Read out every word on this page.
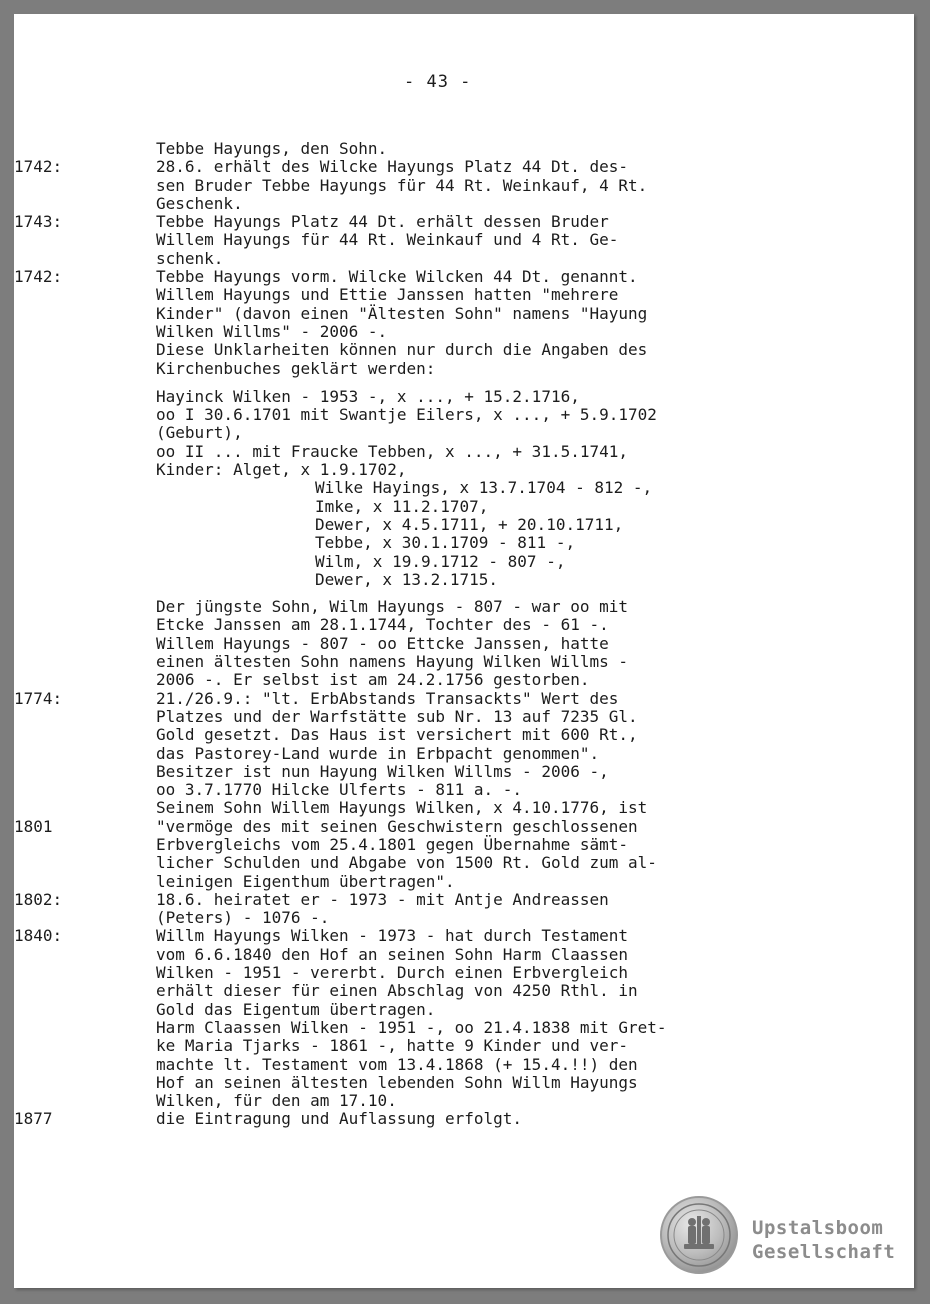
- 43 -
Tebbe Hayungs, den Sohn.
1742:	28.6. erhält des Wilcke Hayungs Platz 44 Dt. des-
sen Bruder Tebbe Hayungs für 44 Rt. Weinkauf, 4 Rt.
Geschenk.
1743:	Tebbe Hayungs Platz 44 Dt. erhält dessen Bruder
Willem Hayungs für 44 Rt. Weinkauf und 4 Rt. Ge-
schenk.
1742:	Tebbe Hayungs vorm. Wilcke Wilcken 44 Dt. genannt.
Willem Hayungs und Ettie Janssen hatten "mehrere
Kinder" (davon einen "Ältesten Sohn" namens "Hayung
Wilken Willms" - 2006 -.
Diese Unklarheiten können nur durch die Angaben des
Kirchenbuches geklärt werden:
Hayinck Wilken - 1953 -, x ..., + 15.2.1716,
oo I 30.6.1701 mit Swantje Eilers, x ..., + 5.9.1702
(Geburt),
oo II ... mit Fraucke Tebben, x ..., + 31.5.1741,
Kinder: Alget, x 1.9.1702,
Wilke Hayings, x 13.7.1704 - 812 -,
Imke, x 11.2.1707,
Dewer, x 4.5.1711, + 20.10.1711,
Tebbe, x 30.1.1709 - 811 -,
Wilm, x 19.9.1712 - 807 -,
Dewer, x 13.2.1715.
Der jüngste Sohn, Wilm Hayungs - 807 - war oo mit
Etcke Janssen am 28.1.1744, Tochter des - 61 -.
Willem Hayungs - 807 - oo Ettcke Janssen, hatte
einen ältesten Sohn namens Hayung Wilken Willms -
2006 -. Er selbst ist am 24.2.1756 gestorben.
1774:	21./26.9.: "lt. ErbAbstands Transackts" Wert des
Platzes und der Warfstätte sub Nr. 13 auf 7235 Gl.
Gold gesetzt. Das Haus ist versichert mit 600 Rt.,
das Pastorey-Land wurde in Erbpacht genommen".
Besitzer ist nun Hayung Wilken Willms - 2006 -,
oo 3.7.1770 Hilcke Ulferts - 811 a. -.
Seinem Sohn Willem Hayungs Wilken, x 4.10.1776, ist
1801	"vermöge des mit seinen Geschwistern geschlossenen
Erbvergleichs vom 25.4.1801 gegen Übernahme sämt-
licher Schulden und Abgabe von 1500 Rt. Gold zum al-
leinigen Eigenthum übertragen".
1802:	18.6. heiratet er - 1973 - mit Antje Andreassen
(Peters) - 1076 -.
1840:	Willm Hayungs Wilken - 1973 - hat durch Testament
vom 6.6.1840 den Hof an seinen Sohn Harm Claassen
Wilken - 1951 - vererbt. Durch einen Erbvergleich
erhält dieser für einen Abschlag von 4250 Rthl. in
Gold das Eigentum übertragen.
Harm Claassen Wilken - 1951 -, oo 21.4.1838 mit Gret-
ke Maria Tjarks - 1861 -, hatte 9 Kinder und ver-
machte lt. Testament vom 13.4.1868 (+ 15.4.!!) den
Hof an seinen ältesten lebenden Sohn Willm Hayungs
Wilken, für den am 17.10.
1877	die Eintragung und Auflassung erfolgt.
Upstalsboom
Gesellschaft
